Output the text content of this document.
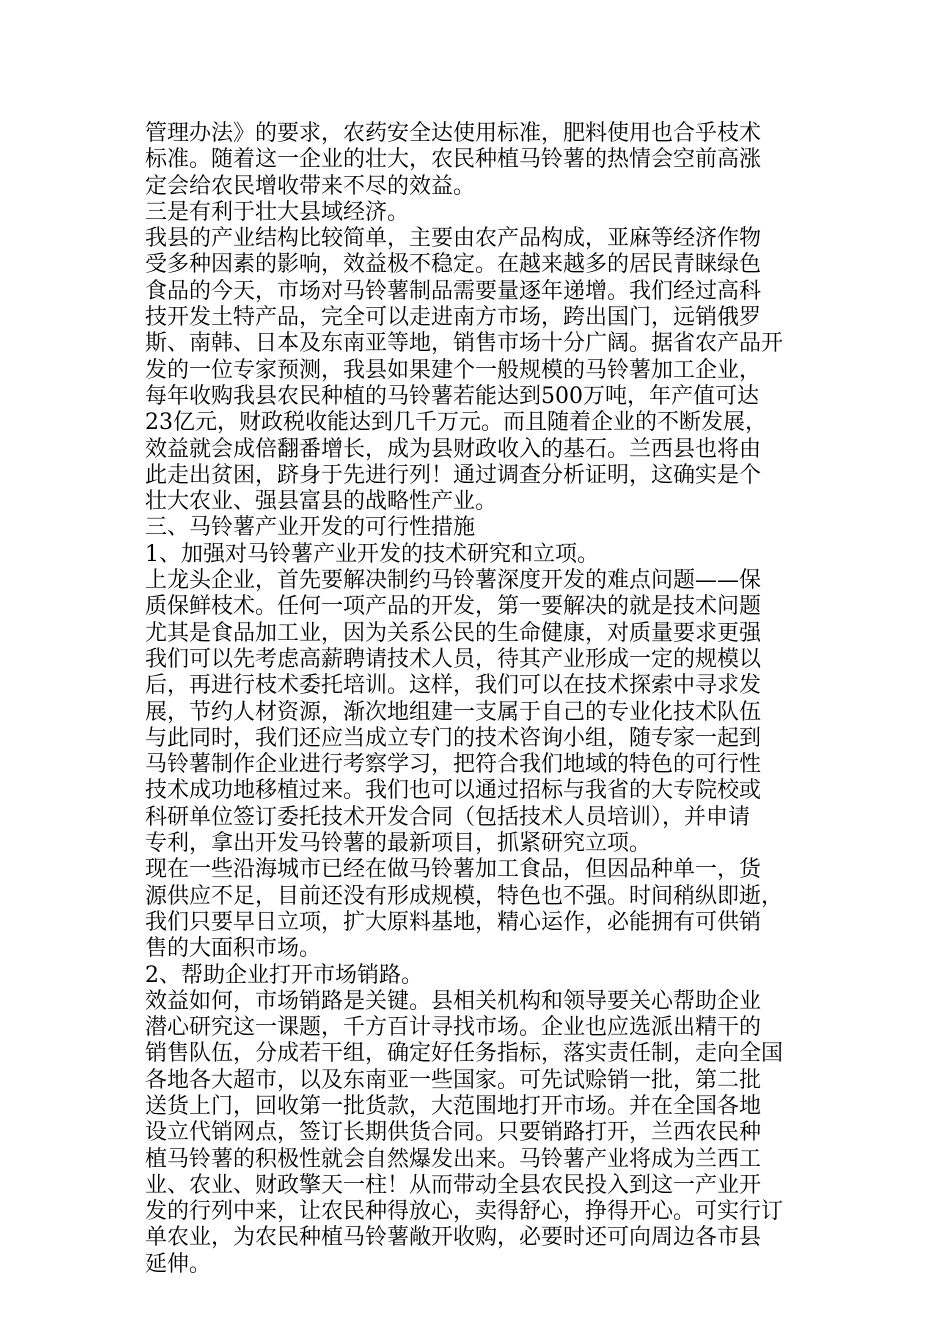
管理办法》的要求，农药安全达使用标准，肥料使用也合乎枝术
标准。随着这一企业的壮大，农民种植马铃薯的热情会空前高涨
定会给农民增收带来不尽的效益。
三是有利于壮大县域经济。
我县的产业结构比较简单，主要由农产品构成，亚麻等经济作物
受多种因素的影响，效益极不稳定。在越来越多的居民青睐绿色
食品的今天，市场对马铃薯制品需要量逐年递增。我们经过高科
技开发土特产品，完全可以走进南方市场，跨出国门，远销俄罗
斯、南韩、日本及东南亚等地，销售市场十分广阔。据省农产品开
发的一位专家预测，我县如果建个一般规模的马铃薯加工企业，
每年收购我县农民种植的马铃薯若能达到500万吨，年产值可达
23亿元，财政税收能达到几千万元。而且随着企业的不断发展，
效益就会成倍翻番增长，成为县财政收入的基石。兰西县也将由
此走出贫困，跻身于先进行列！通过调查分析证明，这确实是个
壮大农业、强县富县的战略性产业。
三、马铃薯产业开发的可行性措施
1、加强对马铃薯产业开发的技术研究和立项。
上龙头企业，首先要解决制约马铃薯深度开发的难点问题——保
质保鲜枝术。任何一项产品的开发，第一要解决的就是技术问题
尤其是食品加工业，因为关系公民的生命健康，对质量要求更强
我们可以先考虑高薪聘请技术人员，待其产业形成一定的规模以
后，再进行枝术委托培训。这样，我们可以在技术探索中寻求发
展，节约人材资源，渐次地组建一支属于自己的专业化技术队伍
与此同时，我们还应当成立专门的技术咨询小组，随专家一起到
马铃薯制作企业进行考察学习，把符合我们地域的特色的可行性
技术成功地移植过来。我们也可以通过招标与我省的大专院校或
科研单位签订委托技术开发合同（包括技术人员培训），并申请
专利，拿出开发马铃薯的最新项目，抓紧研究立项。
现在一些沿海城市已经在做马铃薯加工食品，但因品种单一，货
源供应不足，目前还没有形成规模，特色也不强。时间稍纵即逝，
我们只要早日立项，扩大原料基地，精心运作，必能拥有可供销
售的大面积市场。
2、帮助企业打开市场销路。
效益如何，市场销路是关键。县相关机构和领导要关心帮助企业
潜心研究这一课题，千方百计寻找市场。企业也应选派出精干的
销售队伍，分成若干组，确定好任务指标，落实责任制，走向全国
各地各大超市，以及东南亚一些国家。可先试赊销一批，第二批
送货上门，回收第一批货款，大范围地打开市场。并在全国各地
设立代销网点，签订长期供货合同。只要销路打开，兰西农民种
植马铃薯的积极性就会自然爆发出来。马铃薯产业将成为兰西工
业、农业、财政擎天一柱！从而带动全县农民投入到这一产业开
发的行列中来，让农民种得放心，卖得舒心，挣得开心。可实行订
单农业，为农民种植马铃薯敞开收购，必要时还可向周边各市县
延伸。
